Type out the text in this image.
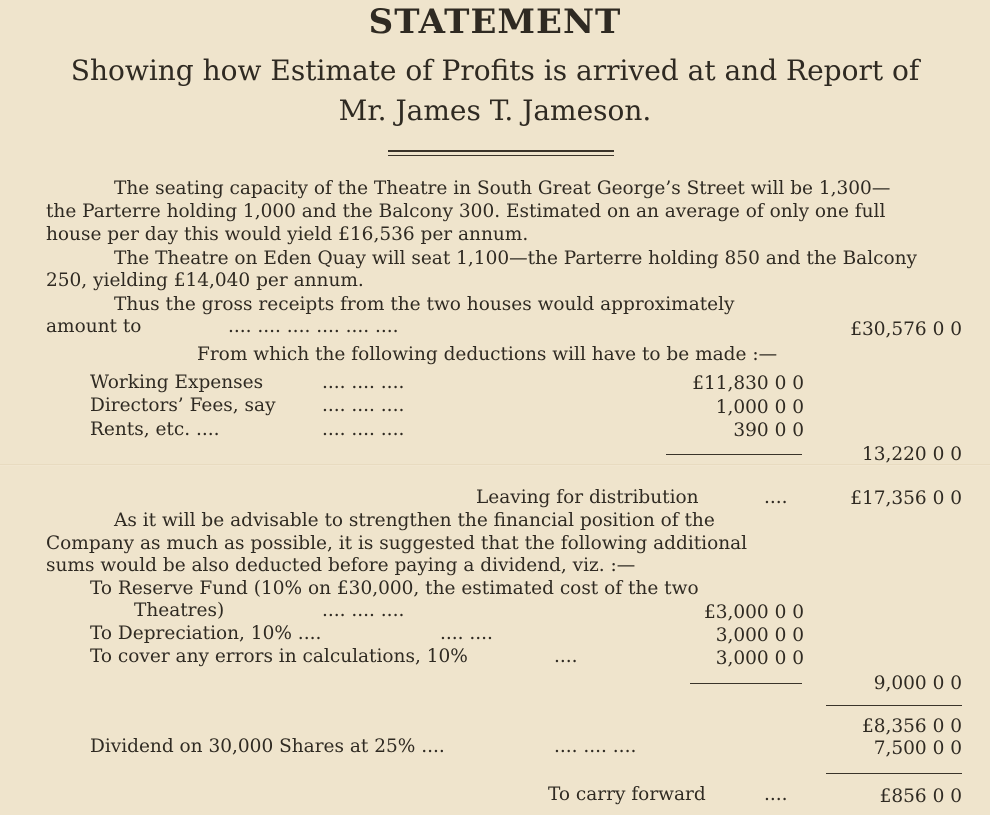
STATEMENT
Showing how Estimate of Profits is arrived at and Report of
Mr. James T. Jameson.
The seating capacity of the Theatre in South Great George’s Street will be 1,300—
the Parterre holding 1,000 and the Balcony 300. Estimated on an average of only one full
house per day this would yield £16,536 per annum.
The Theatre on Eden Quay will seat 1,100—the Parterre holding 850 and the Balcony
250, yielding £14,040 per annum.
Thus the gross receipts from the two houses would approximately
amount to	.... .... .... .... .... ....	£30,576 0 0
From which the following deductions will have to be made :—
Working Expenses	.... .... ....	£11,830 0 0
Directors’ Fees, say	.... .... ....	1,000 0 0
Rents, etc. ....	.... .... ....	390 0 0
13,220 0 0
Leaving for distribution	....	£17,356 0 0
As it will be advisable to strengthen the financial position of the
Company as much as possible, it is suggested that the following additional
sums would be also deducted before paying a dividend, viz. :—
To Reserve Fund (10% on £30,000, the estimated cost of the two
Theatres)	.... .... ....	£3,000 0 0
To Depreciation, 10% ....	.... ....	3,000 0 0
To cover any errors in calculations, 10%	....	3,000 0 0
9,000 0 0
£8,356 0 0
Dividend on 30,000 Shares at 25% ....	.... .... ....	7,500 0 0
To carry forward	....	£856 0 0
